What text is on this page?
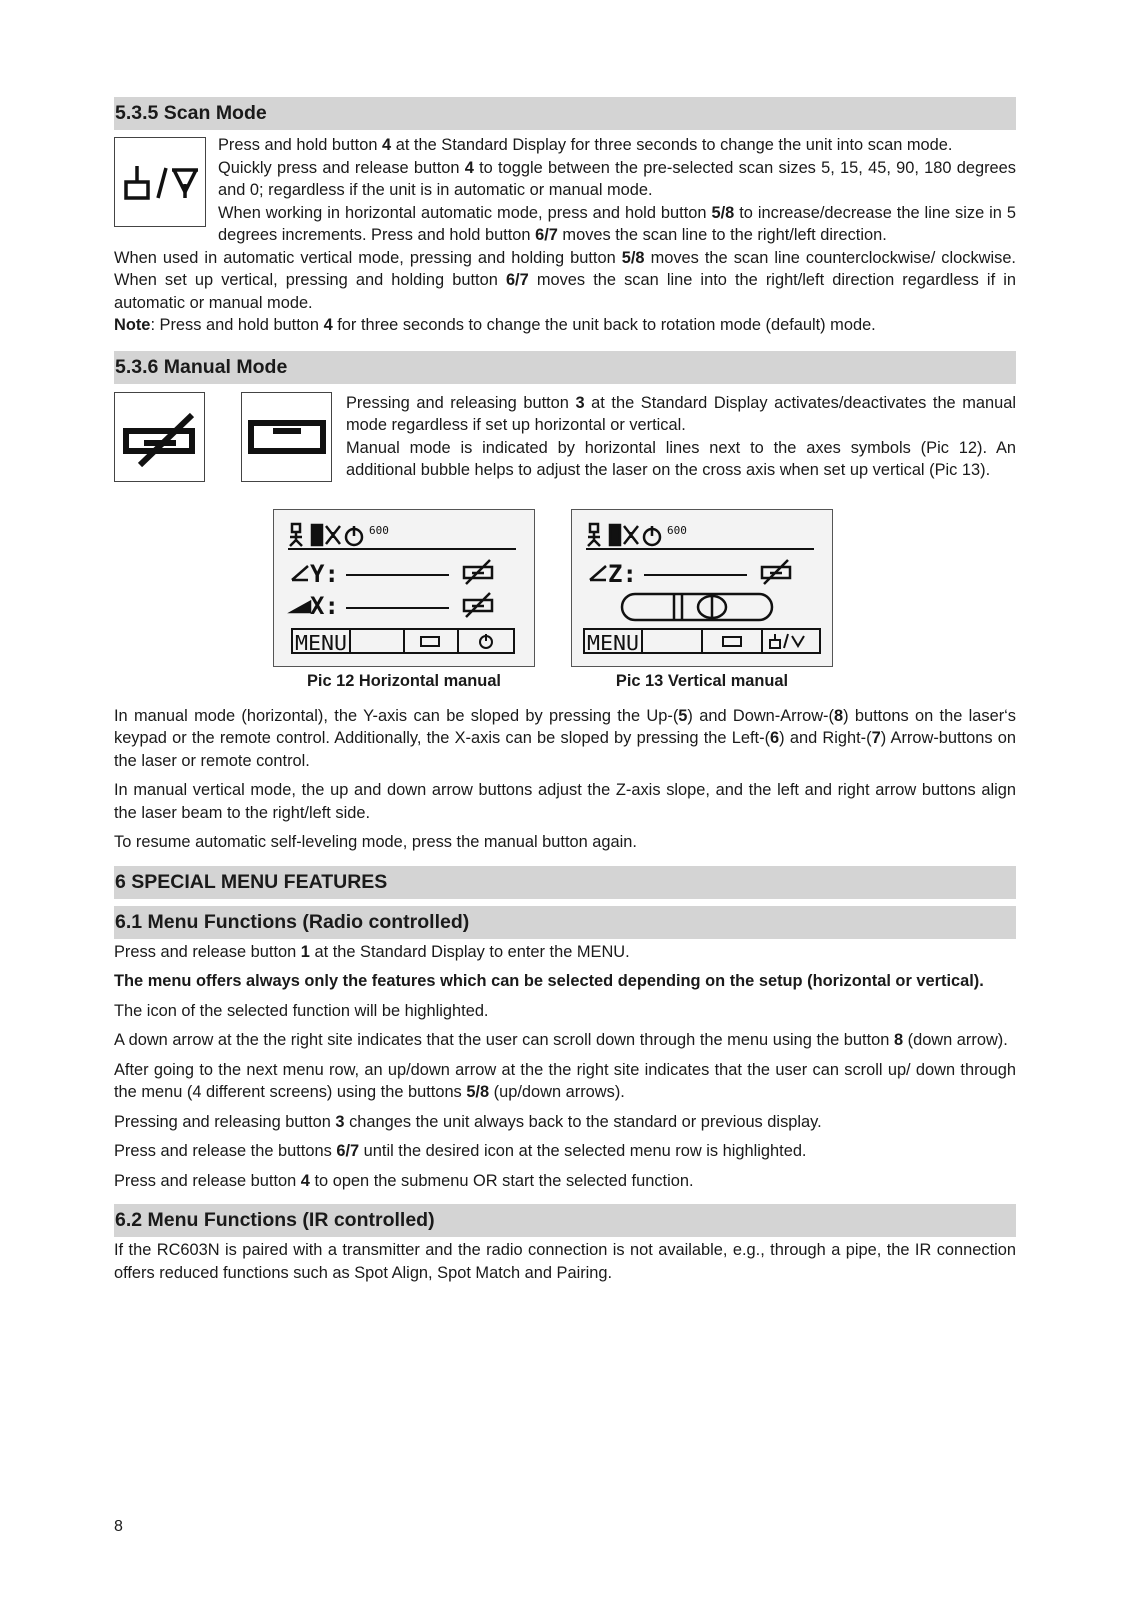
5.3.5 Scan Mode

Press and hold button 4 at the Standard Display for three seconds to change the unit into scan mode.

Quickly press and release button 4 to toggle between the pre-selected scan sizes 5, 15, 45, 90, 180 degrees and 0; regardless if the unit is in automatic or manual mode.

When working in horizontal automatic mode, press and hold button 5/8 to increase/decrease the line size in 5 degrees increments. Press and hold button 6/7 moves the scan line to the right/left direction.

When used in automatic vertical mode, pressing and holding button 5/8 moves the scan line counterclockwise/ clockwise. When set up vertical, pressing and holding button 6/7 moves the scan line into the right/left direction regardless if in automatic or manual mode.

Note: Press and hold button 4 for three seconds to change the unit back to rotation mode (default) mode.

5.3.6 Manual Mode

Pressing and releasing button 3 at the Standard Display activates/deactivates the manual mode regardless if set up horizontal or vertical.

Manual mode is indicated by horizontal lines next to the axes symbols (Pic 12). An additional bubble helps to adjust the laser on the cross axis when set up vertical (Pic 13).

600
Y:
X:
MENU
Pic 12 Horizontal manual
600
Z:
MENU
Pic 13 Vertical manual

In manual mode (horizontal), the Y-axis can be sloped by pressing the Up-(5) and Down-Arrow-(8) buttons on the laser‘s keypad or the remote control. Additionally, the X-axis can be sloped by pressing the Left-(6) and Right-(7) Arrow-buttons on the laser or remote control.

In manual vertical mode, the up and down arrow buttons adjust the Z-axis slope, and the left and right arrow buttons align the laser beam to the right/left side.

To resume automatic self-leveling mode, press the manual button again.

6 SPECIAL MENU FEATURES
6.1 Menu Functions (Radio controlled)

Press and release button 1 at the Standard Display to enter the MENU.

The menu offers always only the features which can be selected depending on the setup (horizontal or vertical).

The icon of the selected function will be highlighted.

A down arrow at the the right site indicates that the user can scroll down through the menu using the button 8 (down arrow).

After going to the next menu row, an up/down arrow at the the right site indicates that the user can scroll up/ down through the menu (4 different screens) using the buttons 5/8 (up/down arrows).

Pressing and releasing button 3 changes the unit always back to the standard or previous display.

Press and release the buttons 6/7 until the desired icon at the selected menu row is highlighted.

Press and release button 4 to open the submenu OR start the selected function.

6.2 Menu Functions (IR controlled)

If the RC603N is paired with a transmitter and the radio connection is not available, e.g., through a pipe, the IR connection offers reduced functions such as Spot Align, Spot Match and Pairing.

8
